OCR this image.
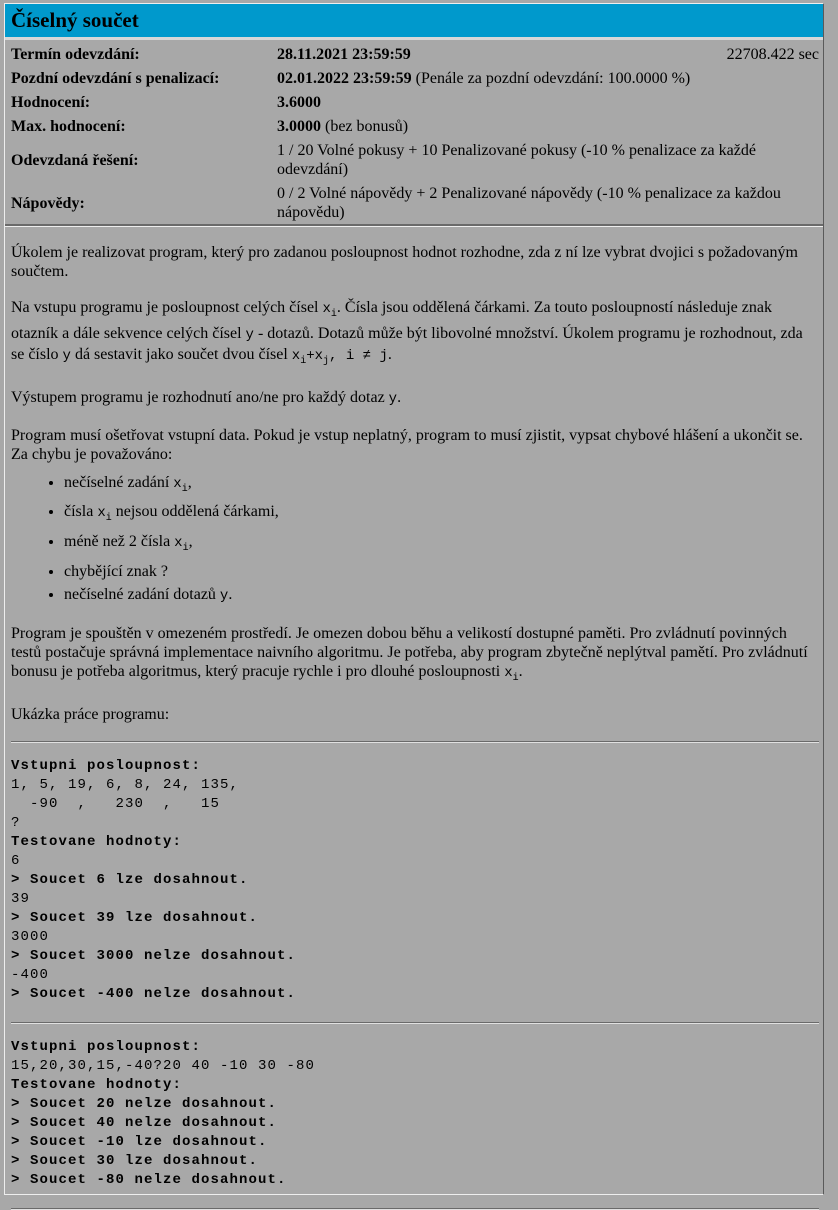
Číselný součet
Termín odevzdání:	28.11.2021 23:59:59	22708.422 sec
Pozdní odevzdání s penalizací:	02.01.2022 23:59:59 (Penále za pozdní odevzdání: 100.0000 %)	
Hodnocení:	3.6000	
Max. hodnocení:	3.0000 (bez bonusů)	
Odevzdaná řešení:	1 / 20 Volné pokusy + 10 Penalizované pokusy (-10 % penalizace za každé odevzdání)	
Nápovědy:	0 / 2 Volné nápovědy + 2 Penalizované nápovědy (-10 % penalizace za každou nápovědu)	

Úkolem je realizovat program, který pro zadanou posloupnost hodnot rozhodne, zda z ní lze vybrat dvojici s požadovaným součtem.

Na vstupu programu je posloupnost celých čísel $x_i$. Čísla jsou oddělená čárkami. Za touto posloupností následuje znak otazník a dále sekvence celých čísel y - dotazů. Dotazů může být libovolné množství. Úkolem programu je rozhodnout, zda se číslo y dá sestavit jako součet dvou čísel $x_i+x_j$, i ≠ j.

Výstupem programu je rozhodnutí ano/ne pro každý dotaz y.

Program musí ošetřovat vstupní data. Pokud je vstup neplatný, program to musí zjistit, vypsat chybové hlášení a ukončit se. Za chybu je považováno:

• nečíselné zadání $x_i$,
• čísla $x_i$ nejsou oddělená čárkami,
• méně než 2 čísla $x_i$,
• chybějící znak ?
• nečíselné zadání dotazů y.

Program je spouštěn v omezeném prostředí. Je omezen dobou běhu a velikostí dostupné paměti. Pro zvládnutí povinných testů postačuje správná implementace naivního algoritmu. Je potřeba, aby program zbytečně neplýtval pamětí. Pro zvládnutí bonusu je potřeba algoritmus, který pracuje rychle i pro dlouhé posloupnosti $x_i$.

Ukázka práce programu:

Vstupni posloupnost:
1, 5, 19, 6, 8, 24, 135,
-90  ,   230  ,   15
?
Testovane hodnoty:
6
> Soucet 6 lze dosahnout.
39
> Soucet 39 lze dosahnout.
3000
> Soucet 3000 nelze dosahnout.
-400
> Soucet -400 nelze dosahnout.
Vstupni posloupnost:
15,20,30,15,-40?20 40 -10 30 -80
Testovane hodnoty:
> Soucet 20 nelze dosahnout.
> Soucet 40 nelze dosahnout.
> Soucet -10 lze dosahnout.
> Soucet 30 lze dosahnout.
> Soucet -80 nelze dosahnout.
